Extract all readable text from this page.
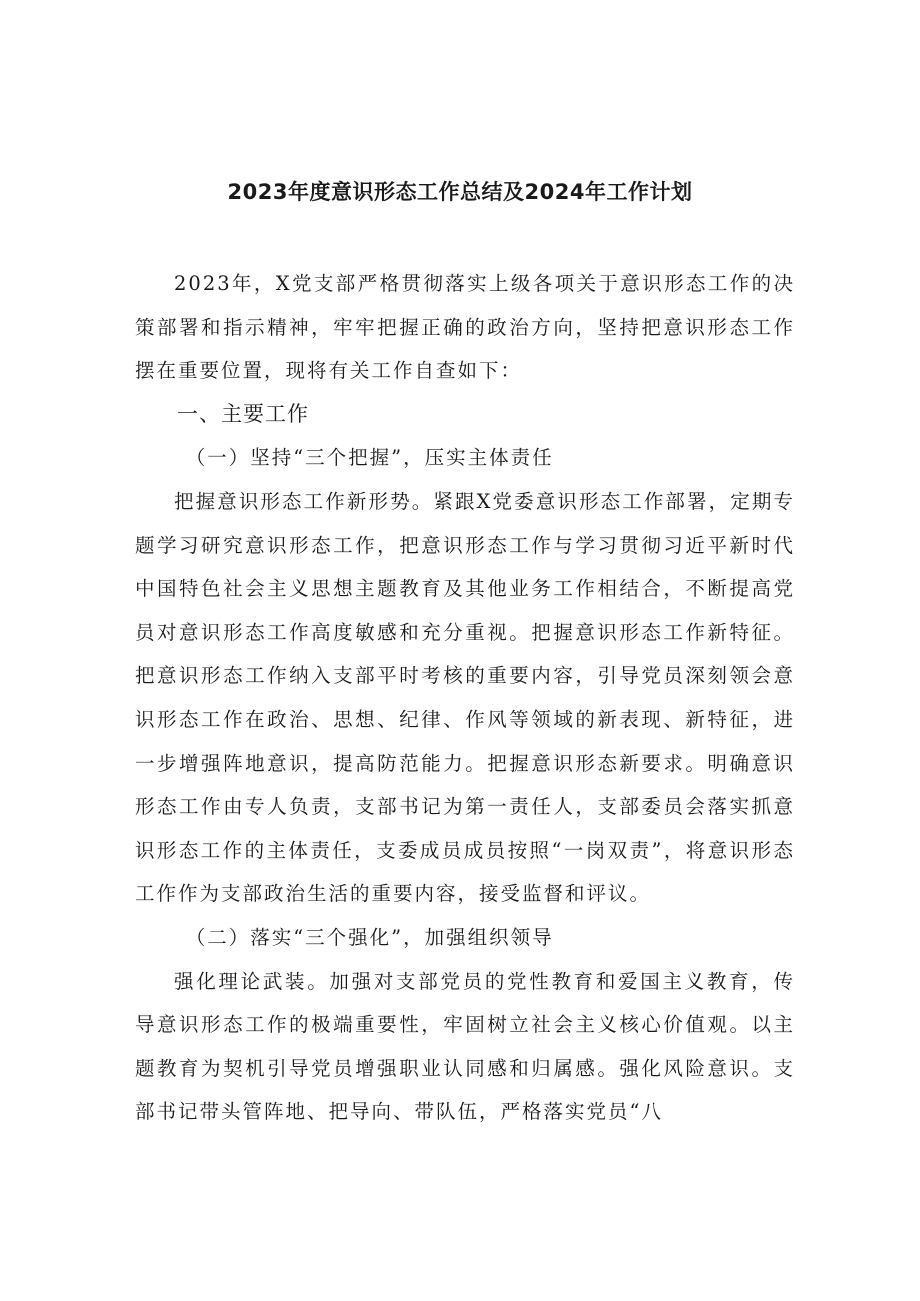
2023年度意识形态工作总结及2024年工作计划

2023年，X党支部严格贯彻落实上级各项关于意识形态工作的决策部署和指示精神，牢牢把握正确的政治方向，坚持把意识形态工作摆在重要位置，现将有关工作自查如下：

一、主要工作

（一）坚持“三个把握”，压实主体责任

把握意识形态工作新形势。紧跟X党委意识形态工作部署，定期专题学习研究意识形态工作，把意识形态工作与学习贯彻习近平新时代中国特色社会主义思想主题教育及其他业务工作相结合，不断提高党员对意识形态工作高度敏感和充分重视。把握意识形态工作新特征。把意识形态工作纳入支部平时考核的重要内容，引导党员深刻领会意识形态工作在政治、思想、纪律、作风等领域的新表现、新特征，进一步增强阵地意识，提高防范能力。把握意识形态新要求。明确意识形态工作由专人负责，支部书记为第一责任人，支部委员会落实抓意识形态工作的主体责任，支委成员成员按照“一岗双责”，将意识形态工作作为支部政治生活的重要内容，接受监督和评议。

（二）落实“三个强化”，加强组织领导

强化理论武装。加强对支部党员的党性教育和爱国主义教育，传导意识形态工作的极端重要性，牢固树立社会主义核心价值观。以主题教育为契机引导党员增强职业认同感和归属感。强化风险意识。支部书记带头管阵地、把导向、带队伍，严格落实党员“八
